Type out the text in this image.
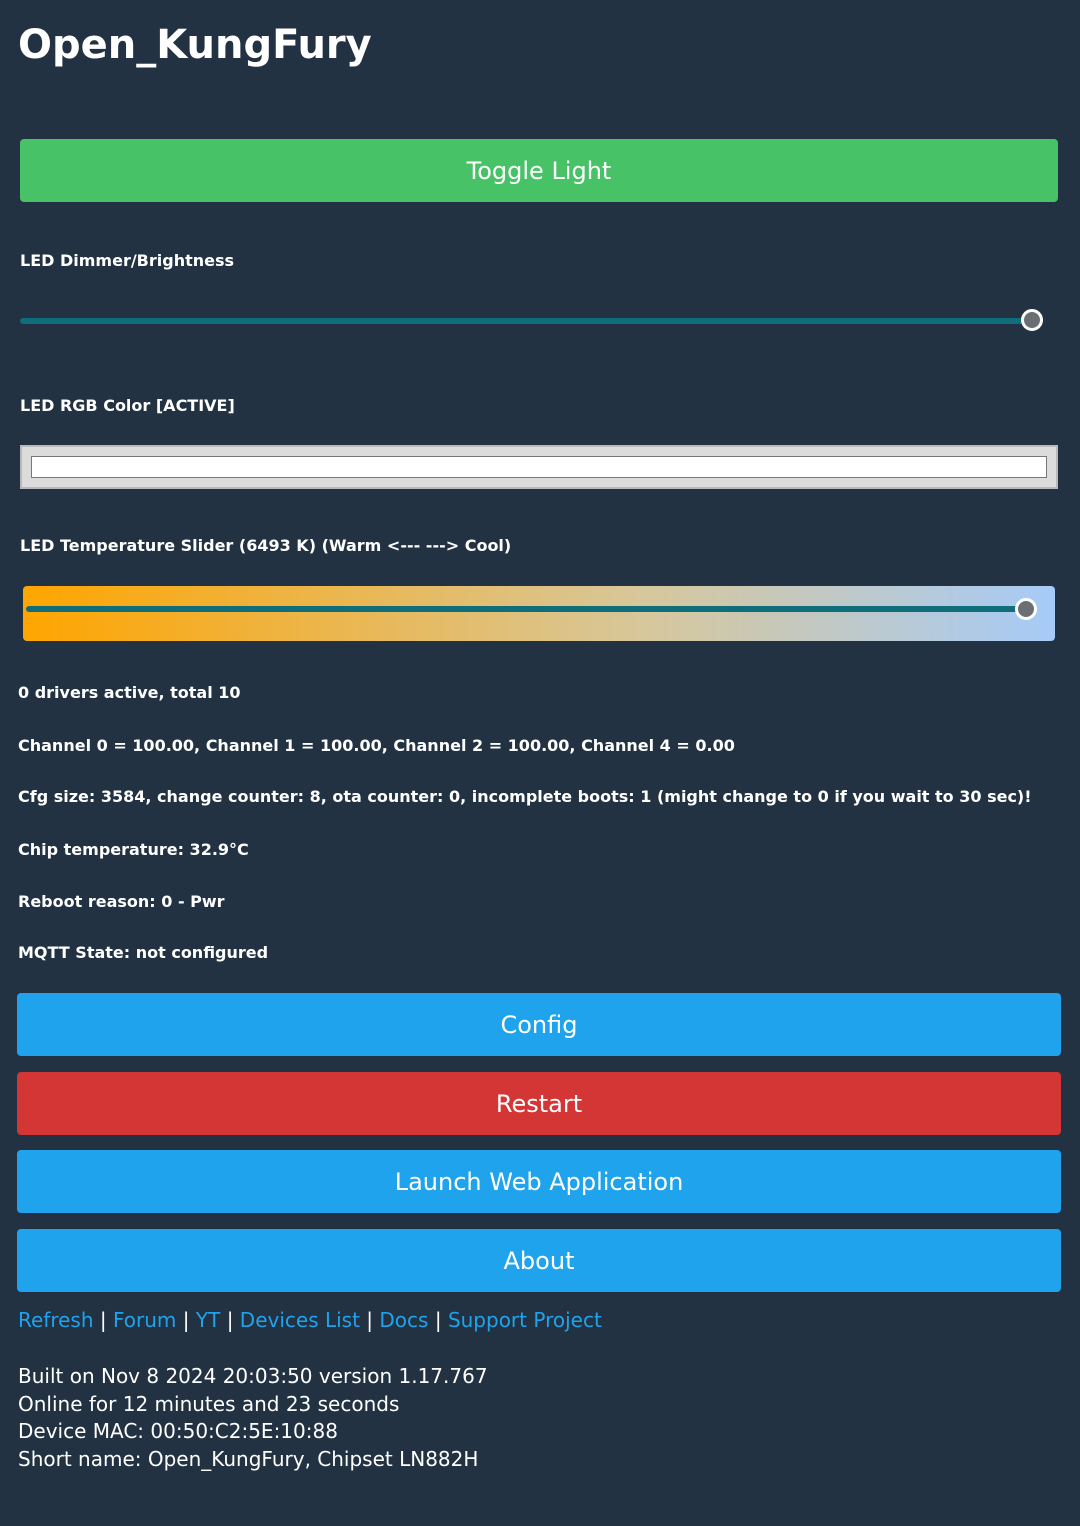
Open_KungFury
Toggle Light
LED Dimmer/Brightness
LED RGB Color [ACTIVE]
LED Temperature Slider (6493 K) (Warm <--- ---> Cool)
0 drivers active, total 10
Channel 0 = 100.00, Channel 1 = 100.00, Channel 2 = 100.00, Channel 4 = 0.00
Cfg size: 3584, change counter: 8, ota counter: 0, incomplete boots: 1 (might change to 0 if you wait to 30 sec)!
Chip temperature: 32.9°C
Reboot reason: 0 - Pwr
MQTT State: not configured
Config
Restart
Launch Web Application
About
Refresh | Forum | YT | Devices List | Docs | Support Project
Built on Nov 8 2024 20:03:50 version 1.17.767
Online for 12 minutes and 23 seconds
Device MAC: 00:50:C2:5E:10:88
Short name: Open_KungFury, Chipset LN882H
